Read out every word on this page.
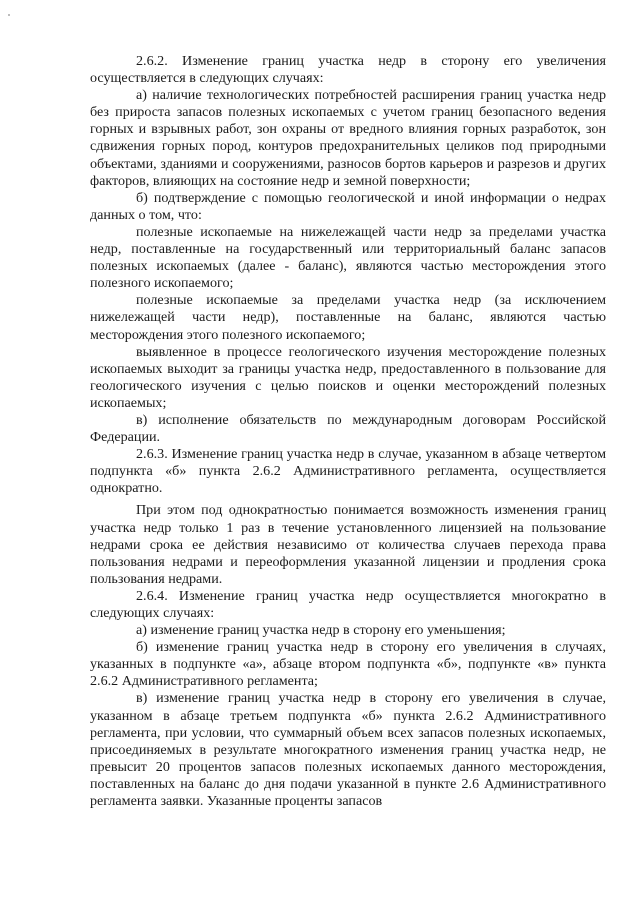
2.6.2. Изменение границ участка недр в сторону его увеличения осуществляется в следующих случаях:

а) наличие технологических потребностей расширения границ участка недр без прироста запасов полезных ископаемых с учетом границ безопасного ведения горных и взрывных работ, зон охраны от вредного влияния горных разработок, зон сдвижения горных пород, контуров предохранительных целиков под природными объектами, зданиями и сооружениями, разносов бортов карьеров и разрезов и других факторов, влияющих на состояние недр и земной поверхности;

б) подтверждение с помощью геологической и иной информации о недрах данных о том, что:

полезные ископаемые на нижележащей части недр за пределами участка недр, поставленные на государственный или территориальный баланс запасов полезных ископаемых (далее - баланс), являются частью месторождения этого полезного ископаемого;

полезные ископаемые за пределами участка недр (за исключением нижележащей части недр), поставленные на баланс, являются частью месторождения этого полезного ископаемого;

выявленное в процессе геологического изучения месторождение полезных ископаемых выходит за границы участка недр, предоставленного в пользование для геологического изучения с целью поисков и оценки месторождений полезных ископаемых;

в) исполнение обязательств по международным договорам Российской Федерации.

2.6.3. Изменение границ участка недр в случае, указанном в абзаце четвертом подпункта «б» пункта 2.6.2 Административного регламента, осуществляется однократно.

При этом под однократностью понимается возможность изменения границ участка недр только 1 раз в течение установленного лицензией на пользование недрами срока ее действия независимо от количества случаев перехода права пользования недрами и переоформления указанной лицензии и продления срока пользования недрами.

2.6.4. Изменение границ участка недр осуществляется многократно в следующих случаях:

а) изменение границ участка недр в сторону его уменьшения;

б) изменение границ участка недр в сторону его увеличения в случаях, указанных в подпункте «а», абзаце втором подпункта «б», подпункте «в» пункта 2.6.2 Административного регламента;

в) изменение границ участка недр в сторону его увеличения в случае, указанном в абзаце третьем подпункта «б» пункта 2.6.2 Административного регламента, при условии, что суммарный объем всех запасов полезных ископаемых, присоединяемых в результате многократного изменения границ участка недр, не превысит 20 процентов запасов полезных ископаемых данного месторождения, поставленных на баланс до дня подачи указанной в пункте 2.6 Административного регламента заявки. Указанные проценты запасов
